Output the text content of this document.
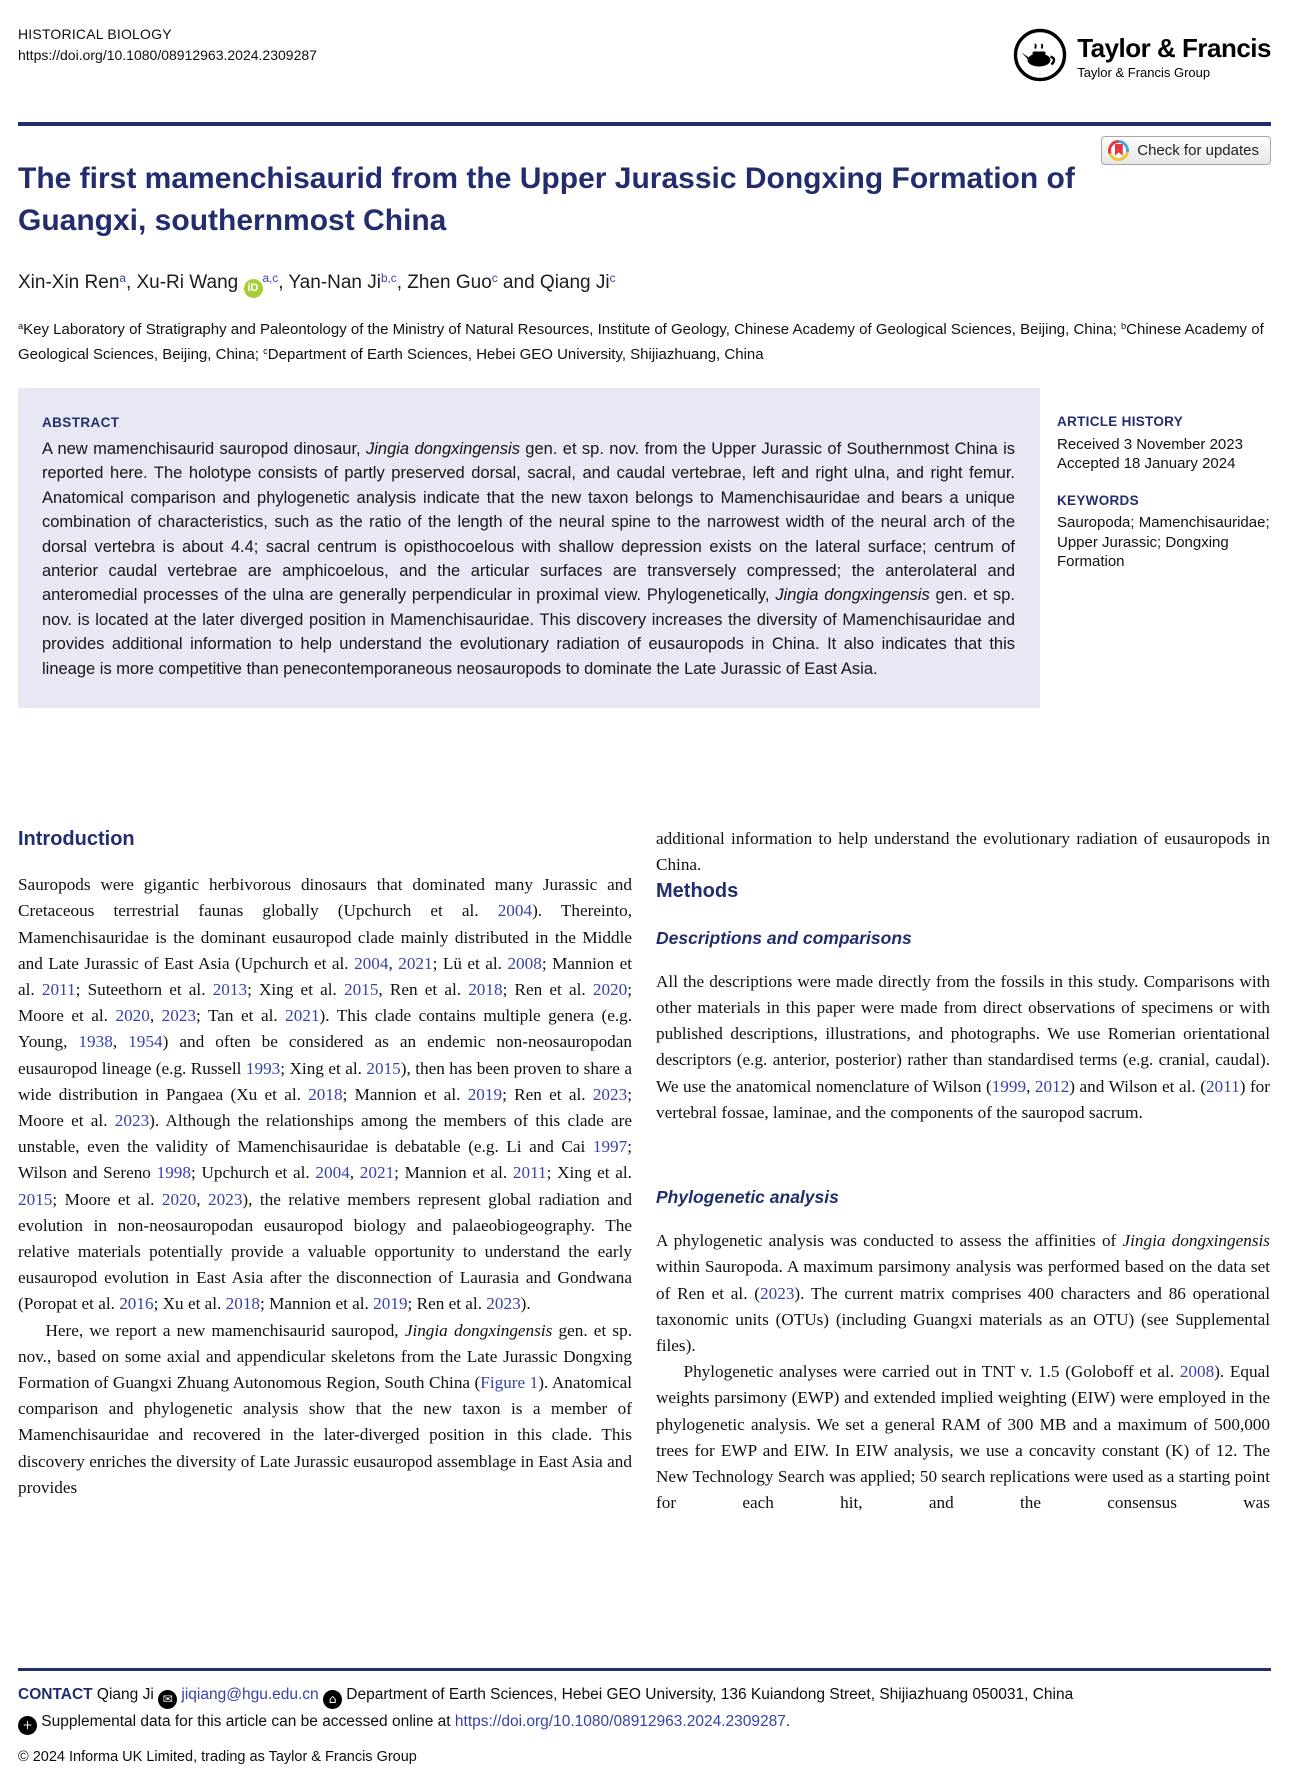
HISTORICAL BIOLOGY
https://doi.org/10.1080/08912963.2024.2309287	Taylor & Francis
Taylor & Francis Group
Check for updates
The first mamenchisaurid from the Upper Jurassic Dongxing Formation of Guangxi, southernmost China
Xin-Xin Ren$^a$, Xu-Ri Wang iD$^{a,c}$, Yan-Nan Ji$^{b,c}$, Zhen Guo$^c$ and Qiang Ji$^c$
$^a$Key Laboratory of Stratigraphy and Paleontology of the Ministry of Natural Resources, Institute of Geology, Chinese Academy of Geological Sciences, Beijing, China; $^b$Chinese Academy of Geological Sciences, Beijing, China; $^c$Department of Earth Sciences, Hebei GEO University, Shijiazhuang, China
ABSTRACT

A new mamenchisaurid sauropod dinosaur, Jingia dongxingensis gen. et sp. nov. from the Upper Jurassic of Southernmost China is reported here. The holotype consists of partly preserved dorsal, sacral, and caudal vertebrae, left and right ulna, and right femur. Anatomical comparison and phylogenetic analysis indicate that the new taxon belongs to Mamenchisauridae and bears a unique combination of characteristics, such as the ratio of the length of the neural spine to the narrowest width of the neural arch of the dorsal vertebra is about 4.4; sacral centrum is opisthocoelous with shallow depression exists on the lateral surface; centrum of anterior caudal vertebrae are amphicoelous, and the articular surfaces are transversely compressed; the anterolateral and anteromedial processes of the ulna are generally perpendicular in proximal view. Phylogenetically, Jingia dongxingensis gen. et sp. nov. is located at the later diverged position in Mamenchisauridae. This discovery increases the diversity of Mamenchisauridae and provides additional information to help understand the evolutionary radiation of eusauropods in China. It also indicates that this lineage is more competitive than penecontemporaneous neosauropods to dominate the Late Jurassic of East Asia.

ARTICLE HISTORY
Received 3 November 2023
Accepted 18 January 2024
KEYWORDS
Sauropoda; Mamenchisauridae; Upper Jurassic; Dongxing Formation
Introduction

Sauropods were gigantic herbivorous dinosaurs that dominated many Jurassic and Cretaceous terrestrial faunas globally (Upchurch et al. 2004). Thereinto, Mamenchisauridae is the dominant eusauropod clade mainly distributed in the Middle and Late Jurassic of East Asia (Upchurch et al. 2004, 2021; Lü et al. 2008; Mannion et al. 2011; Suteethorn et al. 2013; Xing et al. 2015, Ren et al. 2018; Ren et al. 2020; Moore et al. 2020, 2023; Tan et al. 2021). This clade contains multiple genera (e.g. Young, 1938, 1954) and often be considered as an endemic non-neosauropodan eusauropod lineage (e.g. Russell 1993; Xing et al. 2015), then has been proven to share a wide distribution in Pangaea (Xu et al. 2018; Mannion et al. 2019; Ren et al. 2023; Moore et al. 2023). Although the relationships among the members of this clade are unstable, even the validity of Mamenchisauridae is debatable (e.g. Li and Cai 1997; Wilson and Sereno 1998; Upchurch et al. 2004, 2021; Mannion et al. 2011; Xing et al. 2015; Moore et al. 2020, 2023), the relative members represent global radiation and evolution in non-neosauropodan eusauropod biology and palaeobiogeography. The relative materials potentially provide a valuable opportunity to understand the early eusauropod evolution in East Asia after the disconnection of Laurasia and Gondwana (Poropat et al. 2016; Xu et al. 2018; Mannion et al. 2019; Ren et al. 2023).

Here, we report a new mamenchisaurid sauropod, Jingia dongxingensis gen. et sp. nov., based on some axial and appendicular skeletons from the Late Jurassic Dongxing Formation of Guangxi Zhuang Autonomous Region, South China (Figure 1). Anatomical comparison and phylogenetic analysis show that the new taxon is a member of Mamenchisauridae and recovered in the later-diverged position in this clade. This discovery enriches the diversity of Late Jurassic eusauropod assemblage in East Asia and provides

additional information to help understand the evolutionary radiation of eusauropods in China.

Methods
Descriptions and comparisons

All the descriptions were made directly from the fossils in this study. Comparisons with other materials in this paper were made from direct observations of specimens or with published descriptions, illustrations, and photographs. We use Romerian orientational descriptors (e.g. anterior, posterior) rather than standardised terms (e.g. cranial, caudal). We use the anatomical nomenclature of Wilson (1999, 2012) and Wilson et al. (2011) for vertebral fossae, laminae, and the components of the sauropod sacrum.

Phylogenetic analysis

A phylogenetic analysis was conducted to assess the affinities of Jingia dongxingensis within Sauropoda. A maximum parsimony analysis was performed based on the data set of Ren et al. (2023). The current matrix comprises 400 characters and 86 operational taxonomic units (OTUs) (including Guangxi materials as an OTU) (see Supplemental files).

Phylogenetic analyses were carried out in TNT v. 1.5 (Goloboff et al. 2008). Equal weights parsimony (EWP) and extended implied weighting (EIW) were employed in the phylogenetic analysis. We set a general RAM of 300 MB and a maximum of 500,000 trees for EWP and EIW. In EIW analysis, we use a concavity constant (K) of 12. The New Technology Search was applied; 50 search replications were used as a starting point for each hit, and the consensus was

CONTACT Qiang Ji ✉ jiqiang@hgu.edu.cn ⌂ Department of Earth Sciences, Hebei GEO University, 136 Kuiandong Street, Shijiazhuang 050031, China

+ Supplemental data for this article can be accessed online at https://doi.org/10.1080/08912963.2024.2309287.

© 2024 Informa UK Limited, trading as Taylor & Francis Group
